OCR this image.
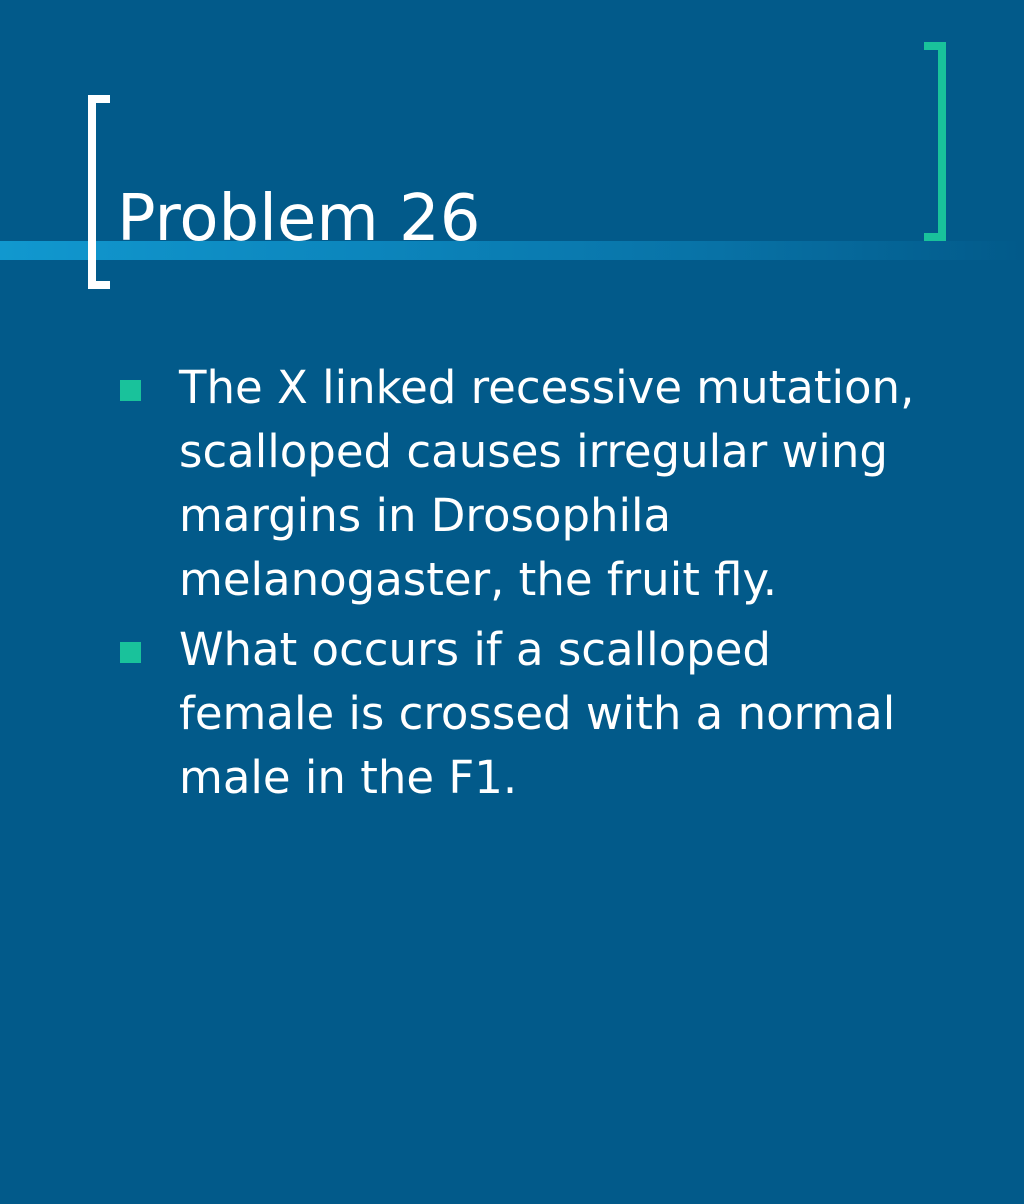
Problem 26
The X linked recessive mutation, scalloped causes irregular wing margins in Drosophila melanogaster, the fruit fly.
What occurs if a scalloped female is crossed with a normal male in the F1.
